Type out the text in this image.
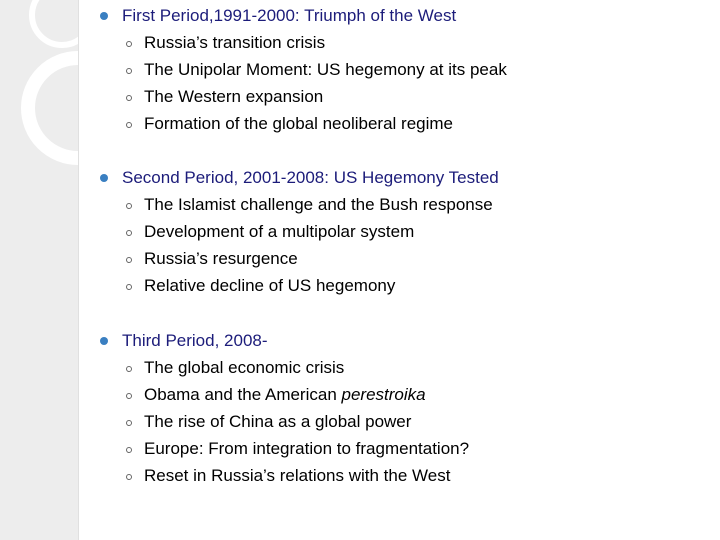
First Period,1991-2000: Triumph of the West
Russia’s transition crisis
The Unipolar Moment: US hegemony at its peak
The Western expansion
Formation of the global neoliberal regime
Second Period, 2001-2008: US Hegemony Tested
The Islamist challenge and the Bush response
Development of a multipolar system
Russia’s resurgence
Relative decline of US hegemony
Third Period, 2008-
The global economic crisis
Obama and the American perestroika
The rise of China as a global power
Europe: From integration to fragmentation?
Reset in Russia’s relations with the West
